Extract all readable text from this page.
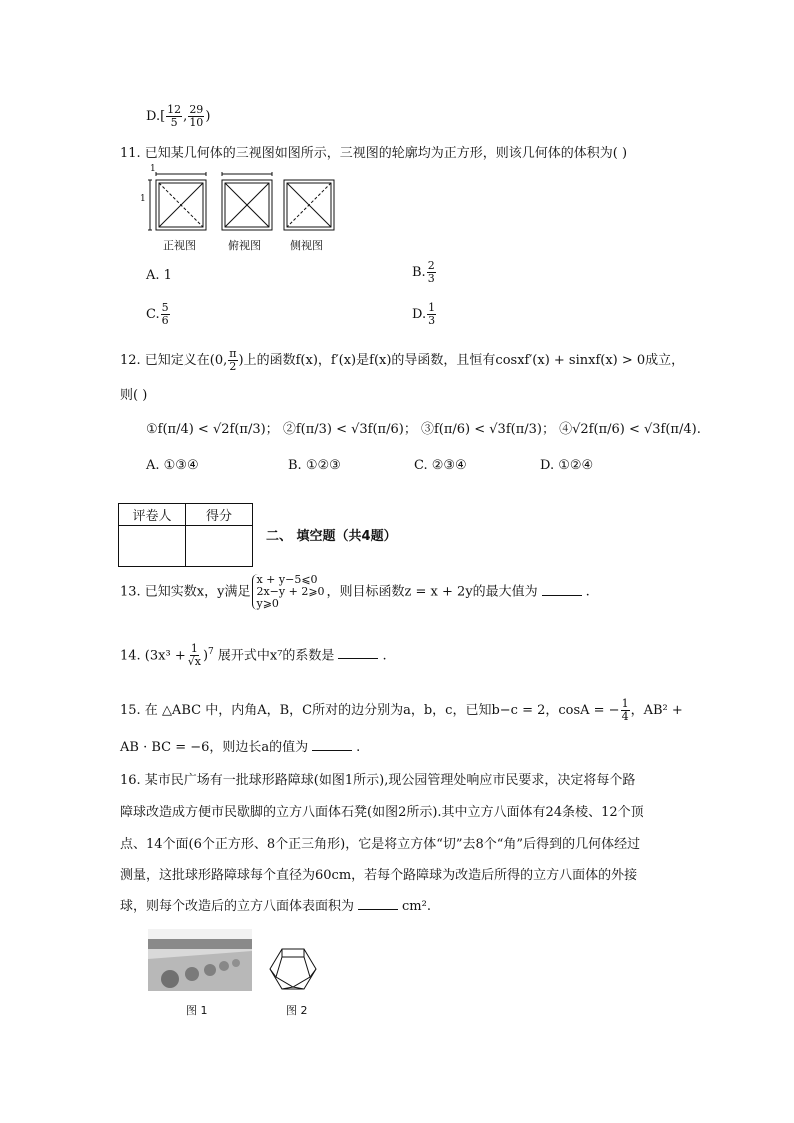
$D.[ \frac{12}{5}$ , $\frac{29}{10}$ )
11. 已知某几何体的三视图如图所示，三视图的轮廓均为正方形，则该几何体的体积为( )
1
1
正视图	俯视图	侧视图
A. 1	B. $\frac{2}{3}$
C. $\frac{5}{6}$	D. $\frac{1}{3}$
12. 已知定义在(0, $\frac{\pi}{2}$ )上的函数f(x)，f′(x)是f(x)的导函数，且恒有cosxf′(x) + sinxf(x) > 0成立，
则( )
①f(π/4) < √2f(π/3)； ②f(π/3) < √3f(π/6)； ③f(π/6) < √3f(π/3)； ④√2f(π/6) < √3f(π/4).
A. ①③④	B. ①②③	C. ②③④	D. ①②④
评卷人	得分

二、 填空题（共4题）
13. 已知实数x，y满足
x + y−5⩽0
2x−y + 2⩾0
y⩾0
，则目标函数z = x + 2y的最大值为	.
14. $(3x^3 + \frac{1}{√x} )^7$ 展开式中x⁷的系数是	.
15. 在 △ABC 中，内角A，B，C所对的边分别为a，b，c，已知b−c = 2，cosA = − $\frac{1}{4}$ ，AB² +
AB · BC = −6，则边长a的值为	.
16. 某市民广场有一批球形路障球(如图1所示),现公园管理处响应市民要求，决定将每个路
障球改造成方便市民歇脚的立方八面体石凳(如图2所示).其中立方八面体有24条棱、12个顶
点、14个面(6个正方形、8个正三角形)，它是将立方体“切”去8个“角”后得到的几何体经过
测量，这批球形路障球每个直径为60cm，若每个路障球为改造后所得的立方八面体的外接
球，则每个改造后的立方八面体表面积为	cm².
图 1	图 2
